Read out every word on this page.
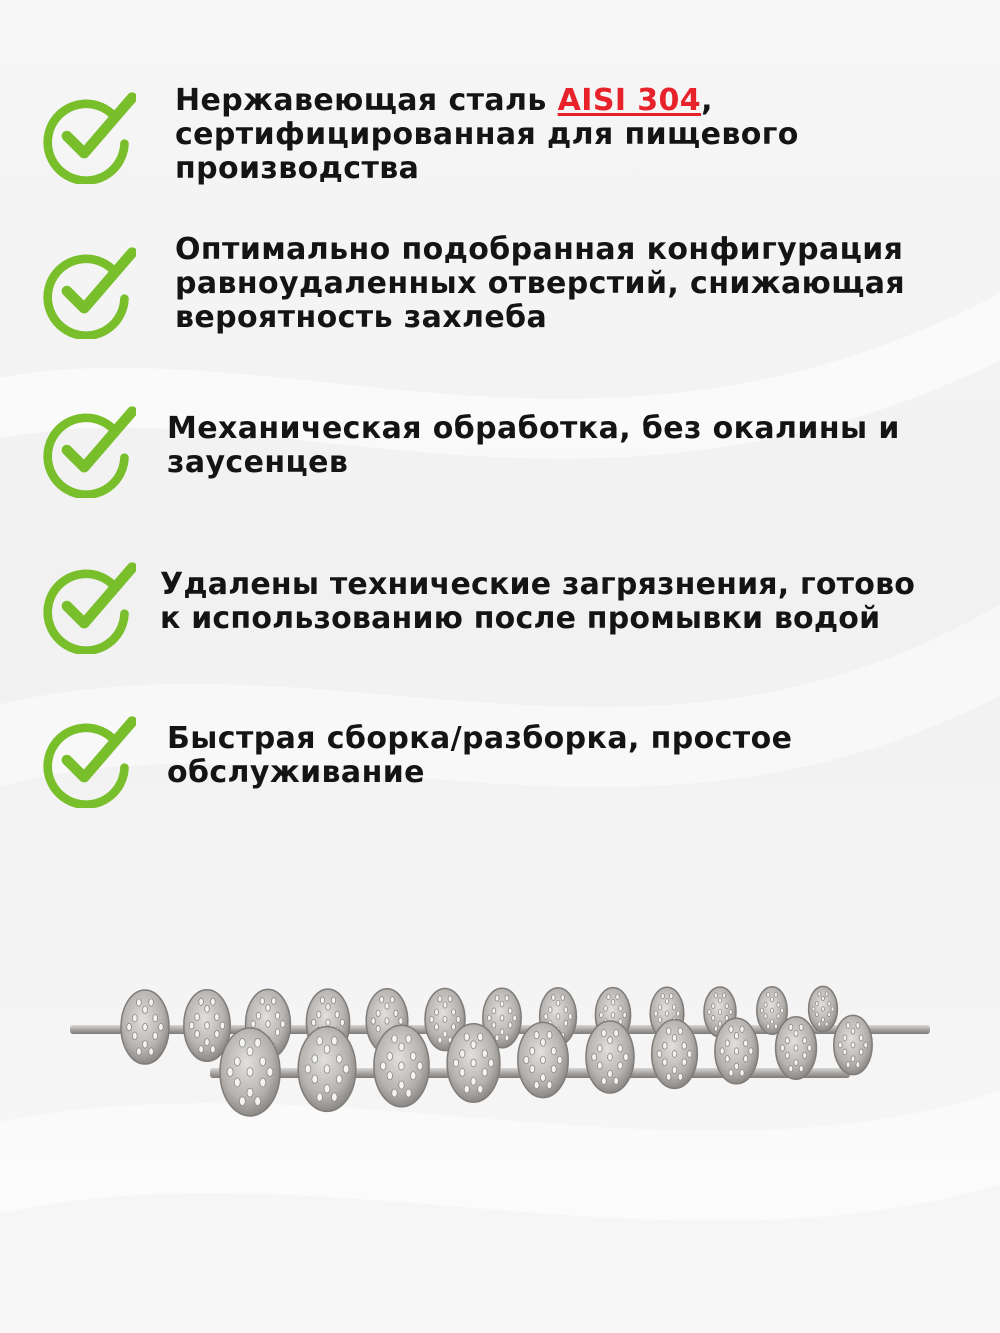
Нержавеющая сталь AISI 304,
сертифицированная для пищевого
производства

Оптимально подобранная конфигурация
равноудаленных отверстий, снижающая
вероятность захлеба

Механическая обработка, без окалины и
заусенцев

Удалены технические загрязнения, готово
к использованию после промывки водой

Быстрая сборка/разборка, простое
обслуживание
